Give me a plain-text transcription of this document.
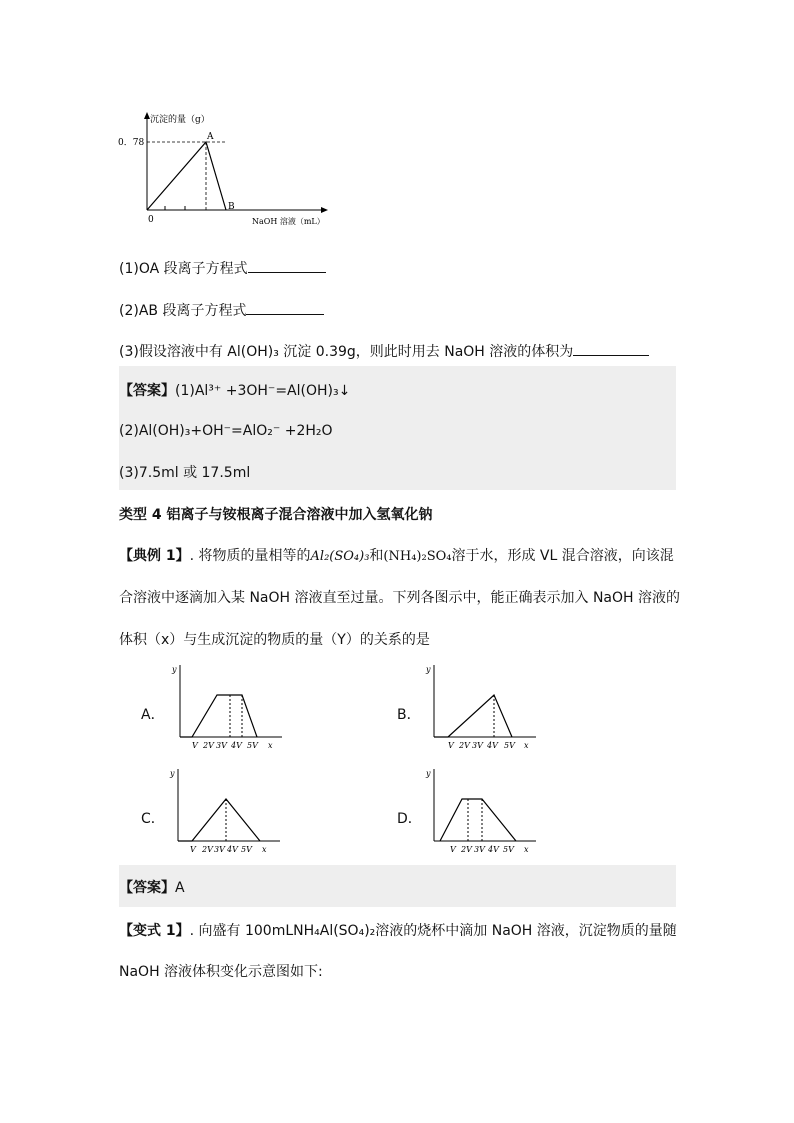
沉淀的量（g）
0．78
A
B
0	NaOH 溶液（mL）
(1)OA 段离子方程式
(2)AB 段离子方程式
(3)假设溶液中有 Al(OH)₃ 沉淀 0.39g，则此时用去 NaOH 溶液的体积为
【答案】(1)Al³⁺ +3OH⁻=Al(OH)₃↓
(2)Al(OH)₃+OH⁻=AlO₂⁻ +2H₂O
(3)7.5ml 或 17.5ml
类型 4 铝离子与铵根离子混合溶液中加入氢氧化钠
【典例 1】. 将物质的量相等的Al₂(SO₄)₃和(NH₄)₂SO₄溶于水，形成 VL 混合溶液，向该混
合溶液中逐滴加入某 NaOH 溶液直至过量。下列各图示中，能正确表示加入 NaOH 溶液的
体积（x）与生成沉淀的物质的量（Y）的关系的是
A．	B．
C．	D．
y
V 2V 3V 4V 5V x
y
V 2V 3V 4V 5V x
y
V 2V 3V 4V 5V x
y
V 2V 3V 4V 5V x
【答案】A
【变式 1】. 向盛有 100mLNH₄Al(SO₄)₂溶液的烧杯中滴加 NaOH 溶液，沉淀物质的量随
NaOH 溶液体积变化示意图如下:
